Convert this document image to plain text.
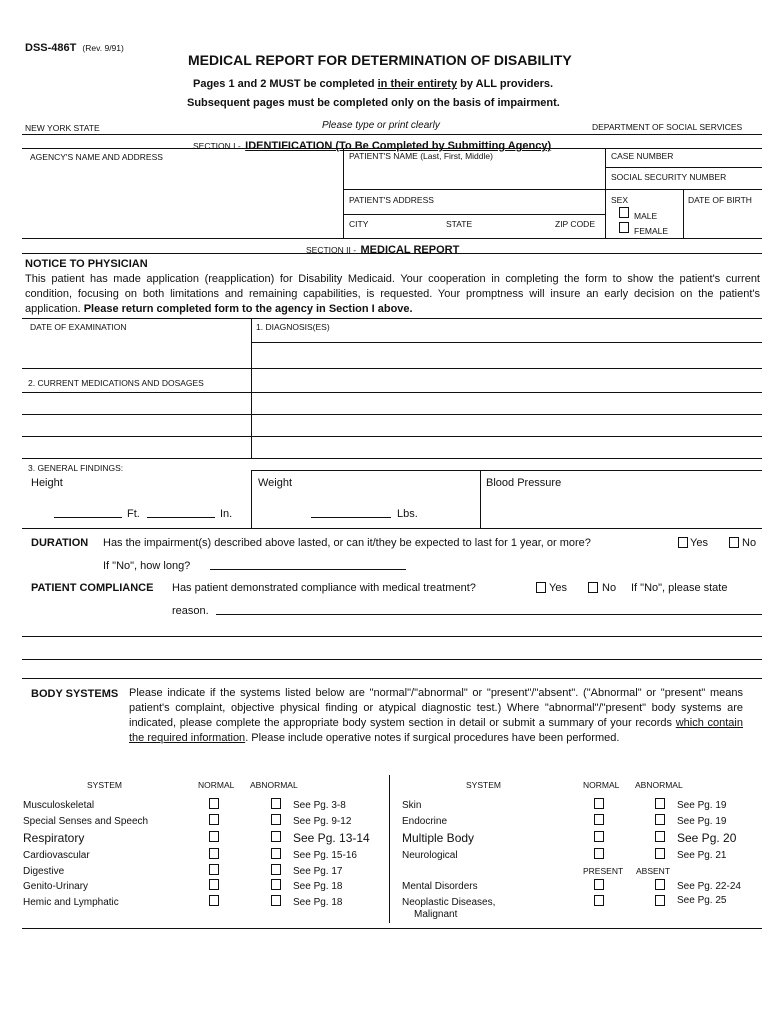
DSS-486T (Rev. 9/91)
MEDICAL REPORT FOR DETERMINATION OF DISABILITY
Pages 1 and 2 MUST be completed in their entirety by ALL providers.
Subsequent pages must be completed only on the basis of impairment.
NEW YORK STATE	Please type or print clearly	DEPARTMENT OF SOCIAL SERVICES
SECTION I - IDENTIFICATION (To Be Completed by Submitting Agency)
AGENCY'S NAME AND ADDRESS	PATIENT'S NAME (Last, First, Middle)	CASE NUMBER
SOCIAL SECURITY NUMBER
PATIENT'S ADDRESS	SEX	DATE OF BIRTH
MALE
FEMALE
CITY	STATE	ZIP CODE
SECTION II - MEDICAL REPORT
NOTICE TO PHYSICIAN
This patient has made application (reapplication) for Disability Medicaid. Your cooperation in completing the form to show the patient's current condition, focusing on both limitations and remaining capabilities, is requested. Your promptness will insure an early decision on the patient's application. Please return completed form to the agency in Section I above.
DATE OF EXAMINATION	1. DIAGNOSIS(ES)
2. CURRENT MEDICATIONS AND DOSAGES
3. GENERAL FINDINGS:
Height	Weight	Blood Pressure
Ft.	In.	Lbs.
DURATION Has the impairment(s) described above lasted, or can it/they be expected to last for 1 year, or more?	Yes	No
If "No", how long?
PATIENT COMPLIANCE Has patient demonstrated compliance with medical treatment?	Yes	No If "No", please state
reason.
BODY SYSTEMS Please indicate if the systems listed below are "normal"/"abnormal" or "present"/"absent". ("Abnormal" or "present" means patient's complaint, objective physical finding or atypical diagnostic test.) Where "abnormal"/"present" body systems are indicated, please complete the appropriate body system section in detail or submit a summary of your records which contain the required information. Please include operative notes if surgical procedures have been performed.
SYSTEM	NORMAL ABNORMAL	SYSTEM	NORMAL ABNORMAL
Musculoskeletal	See Pg. 3-8
Special Senses and Speech	See Pg. 9-12
Respiratory	See Pg. 13-14
Cardiovascular	See Pg. 15-16
Digestive	See Pg. 17
Genito-Urinary	See Pg. 18
Hemic and Lymphatic	See Pg. 18
Skin	See Pg. 19
Endocrine	See Pg. 19
Multiple Body	See Pg. 20
Neurological	See Pg. 21
PRESENT ABSENT
Mental Disorders	See Pg. 22-24
Neoplastic Diseases,
Malignant
See Pg. 25
